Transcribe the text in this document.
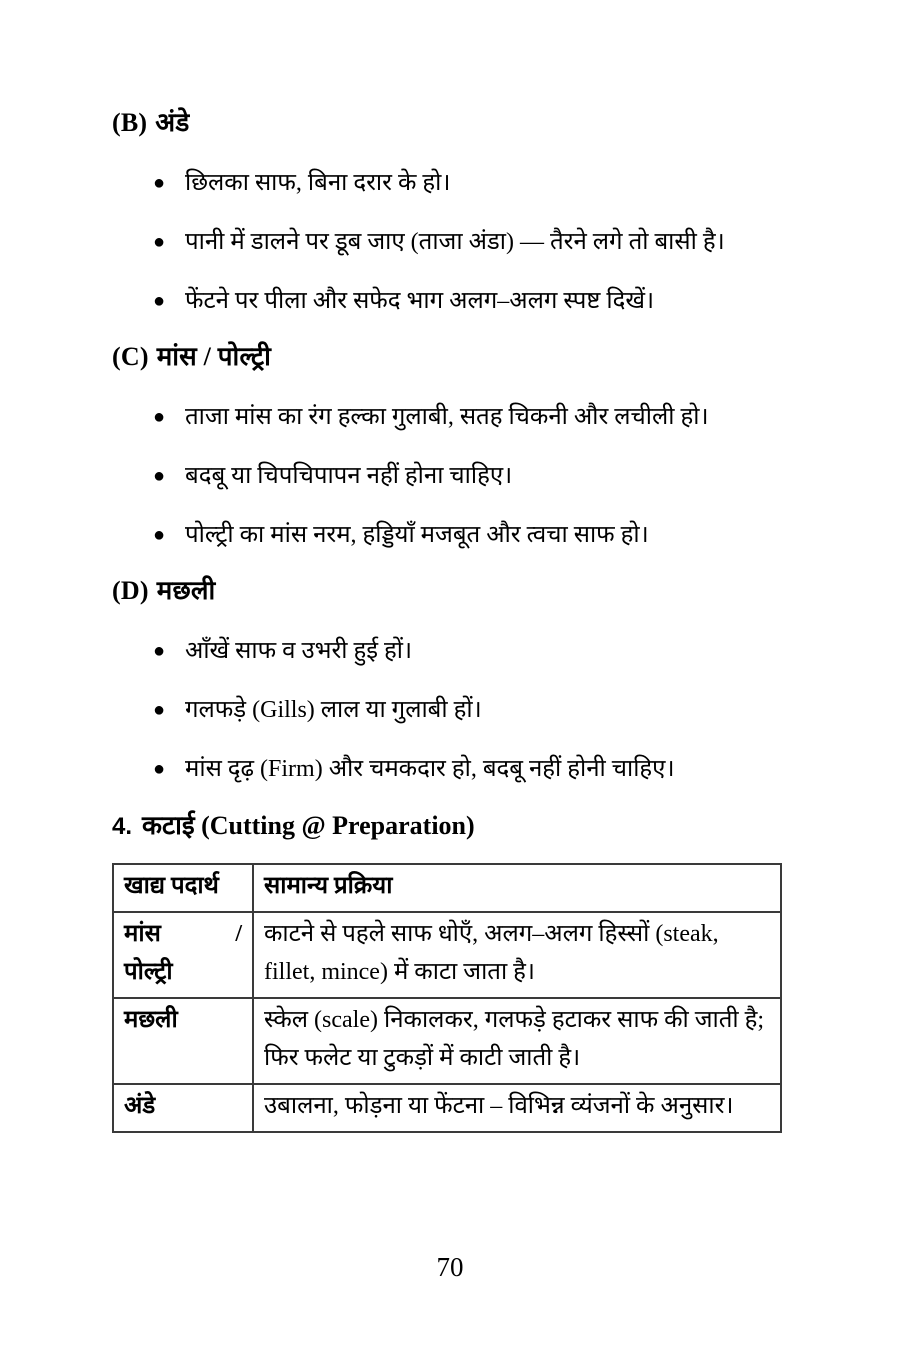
(B) अंडे
● छिलका साफ, बिना दरार के हो।
● पानी में डालने पर डूब जाए (ताजा अंडा) — तैरने लगे तो बासी है।
● फेंटने पर पीला और सफेद भाग अलग–अलग स्पष्ट दिखें।
(C) मांस / पोल्ट्री
● ताजा मांस का रंग हल्का गुलाबी, सतह चिकनी और लचीली हो।
● बदबू या चिपचिपापन नहीं होना चाहिए।
● पोल्ट्री का मांस नरम, हड्डियाँ मजबूत और त्वचा साफ हो।
(D) मछली
● आँखें साफ व उभरी हुई हों।
● गलफड़े (Gills) लाल या गुलाबी हों।
● मांस दृढ़ (Firm) और चमकदार हो, बदबू नहीं होनी चाहिए।
4. कटाई (Cutting @ Preparation)
खाद्य पदार्थ	सामान्य प्रक्रिया

मांस /
पोल्ट्री	काटने से पहले साफ धोएँ, अलग–अलग हिस्सों (steak, fillet, mince) में काटा जाता है।
मछली	स्केल (scale) निकालकर, गलफड़े हटाकर साफ की जाती है; फिर फलेट या टुकड़ों में काटी जाती है।
अंडे	उबालना, फोड़ना या फेंटना – विभिन्न व्यंजनों के अनुसार।
70
